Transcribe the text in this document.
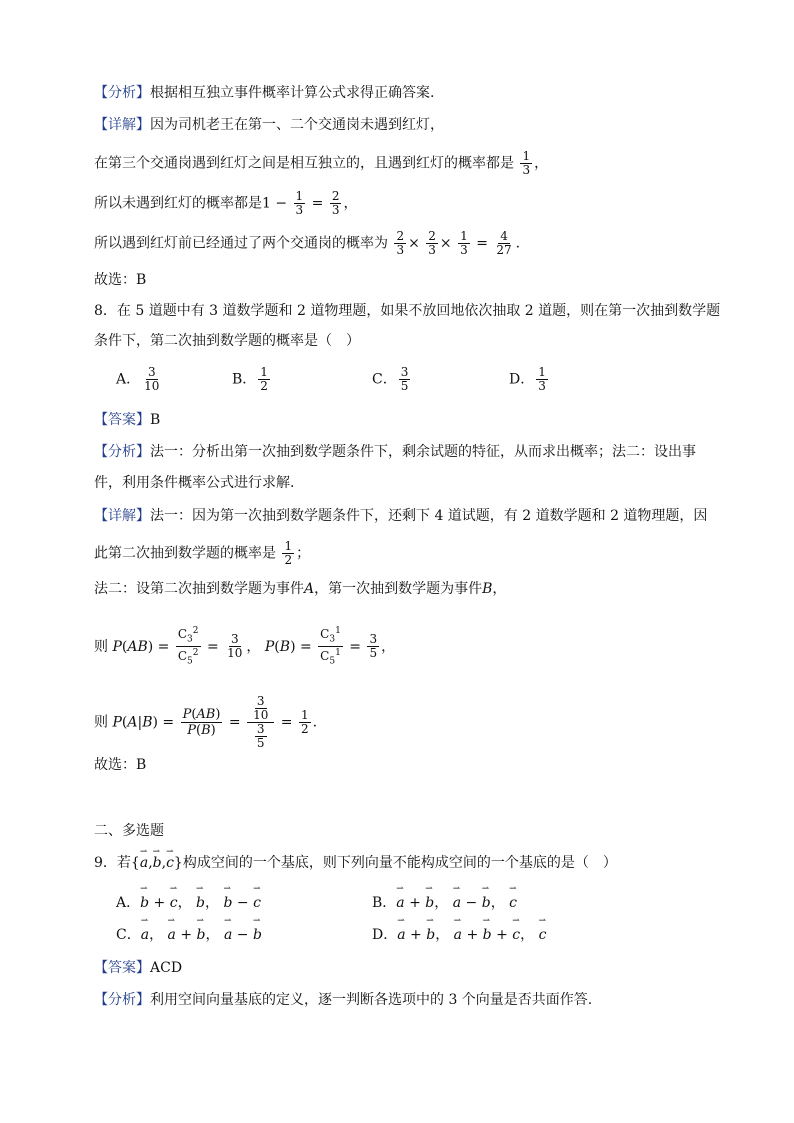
【分析】根据相互独立事件概率计算公式求得正确答案.
【详解】因为司机老王在第一、二个交通岗未遇到红灯，
在第三个交通岗遇到红灯之间是相互独立的，且遇到红灯的概率都是 $\frac{1}{3}$ ，
所以未遇到红灯的概率都是$1 - \frac{1}{3} = \frac{2}{3}$ ，
所以遇到红灯前已经通过了两个交通岗的概率为 $\frac{2}{3} \times \frac{2}{3} \times \frac{1}{3} = \frac{4}{27}$ .
故选：B
8．在 5 道题中有 3 道数学题和 2 道物理题，如果不放回地依次抽取 2 道题，则在第一次抽到数学题
条件下，第二次抽到数学题的概率是（　）
A． $\frac{3}{10}$	B． $\frac{1}{2}$	C． $\frac{3}{5}$	D． $\frac{1}{3}$
【答案】B
【分析】法一：分析出第一次抽到数学题条件下，剩余试题的特征，从而求出概率；法二：设出事
件，利用条件概率公式进行求解.
【详解】法一：因为第一次抽到数学题条件下，还剩下 4 道试题，有 2 道数学题和 2 道物理题，因
此第二次抽到数学题的概率是 $\frac{1}{2}$ ；
法二：设第二次抽到数学题为事件A，第一次抽到数学题为事件B，
则 $P(AB) = \frac{C_3^2}{C_5^2} = \frac{3}{10}$ ， $P(B) = \frac{C_3^1}{C_5^1} = \frac{3}{5}$ ，
则 $P(A|B) = \frac{P(AB)}{P(B)} = \frac{\frac{3}{10}}{\frac{3}{5}} = \frac{1}{2}$ .
故选：B
二、多选题
9．若{⇀ a,⇀ b,⇀ c}构成空间的一个基底，则下列向量不能构成空间的一个基底的是（　）
A．⇀ b + ⇀ c， ⇀ b， ⇀ b − ⇀ c	B．⇀ a + ⇀ b， ⇀ a − ⇀ b， ⇀ c
C．⇀ a， ⇀ a + ⇀ b， ⇀ a − ⇀ b	D．⇀ a + ⇀ b， ⇀ a + ⇀ b + ⇀ c， ⇀ c
【答案】ACD
【分析】利用空间向量基底的定义，逐一判断各选项中的 3 个向量是否共面作答.
